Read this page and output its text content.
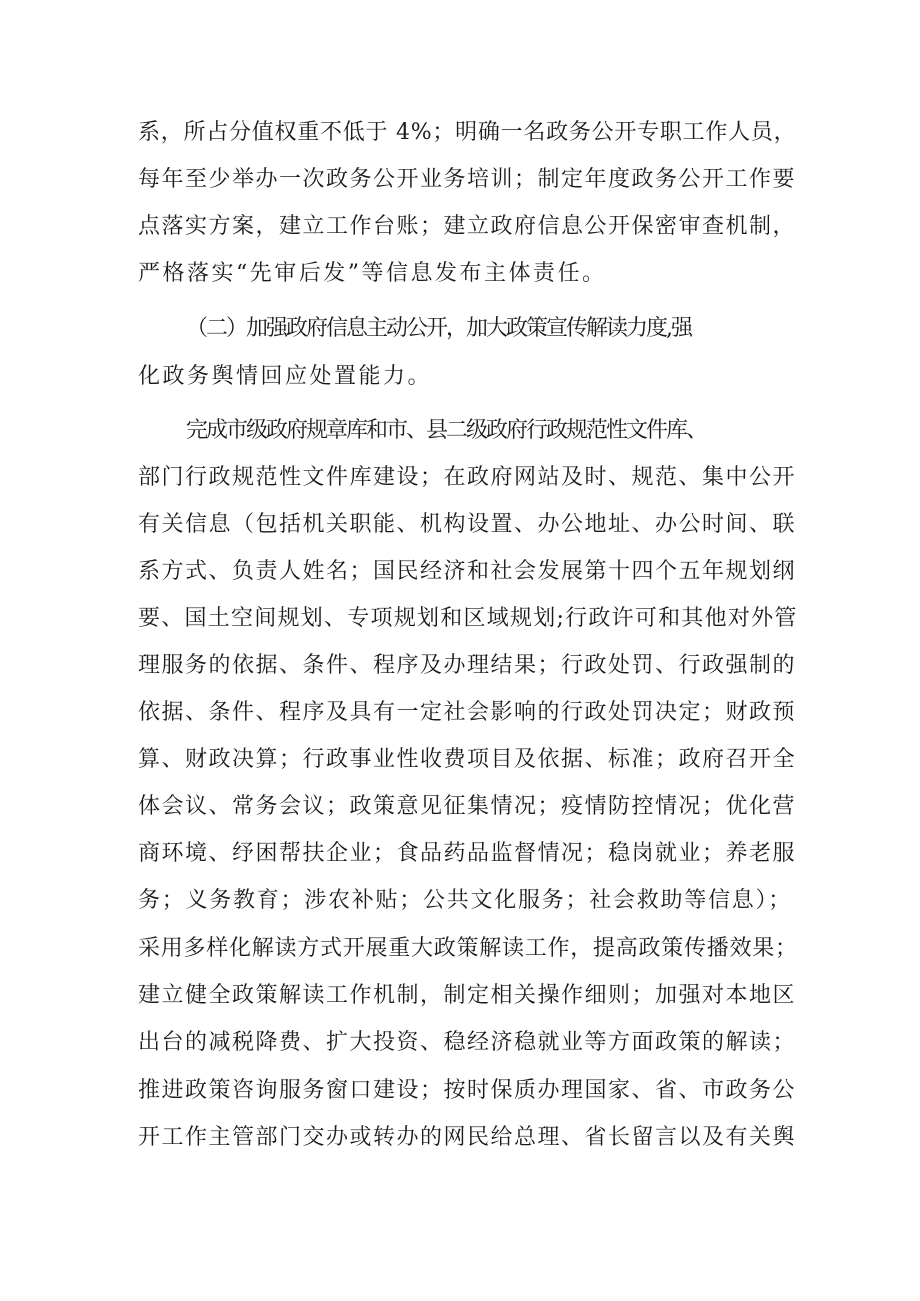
系，所占分值权重不低于 4%；明确一名政务公开专职工作人员，
每年至少举办一次政务公开业务培训；制定年度政务公开工作要
点落实方案，建立工作台账；建立政府信息公开保密审查机制，
严格落实“先审后发”等信息发布主体责任。
（二）加强政府信息主动公开，加大政策宣传解读力度,强
化政务舆情回应处置能力。
完成市级政府规章库和市、县二级政府行政规范性文件库、
部门行政规范性文件库建设；在政府网站及时、规范、集中公开
有关信息（包括机关职能、机构设置、办公地址、办公时间、联
系方式、负责人姓名；国民经济和社会发展第十四个五年规划纲
要、国土空间规划、专项规划和区域规划;行政许可和其他对外管
理服务的依据、条件、程序及办理结果；行政处罚、行政强制的
依据、条件、程序及具有一定社会影响的行政处罚决定；财政预
算、财政决算；行政事业性收费项目及依据、标准；政府召开全
体会议、常务会议；政策意见征集情况；疫情防控情况；优化营
商环境、纾困帮扶企业；食品药品监督情况；稳岗就业；养老服
务；义务教育；涉农补贴；公共文化服务；社会救助等信息）；
采用多样化解读方式开展重大政策解读工作，提高政策传播效果；
建立健全政策解读工作机制，制定相关操作细则；加强对本地区
出台的减税降费、扩大投资、稳经济稳就业等方面政策的解读；
推进政策咨询服务窗口建设；按时保质办理国家、省、市政务公
开工作主管部门交办或转办的网民给总理、省长留言以及有关舆
